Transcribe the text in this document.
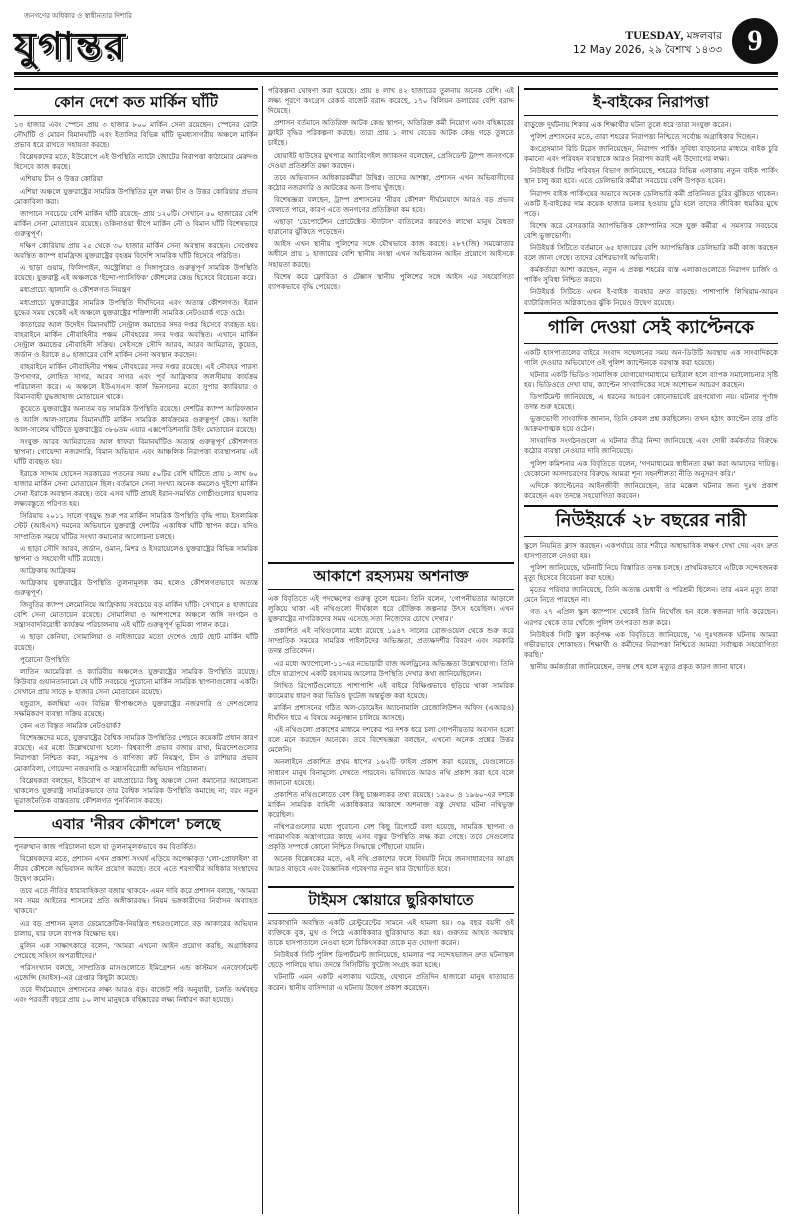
জনগণের অধিকার ও স্বাধীনতার দিশারি
যুগান্তর	TUESDAY, মঙ্গলবার
12 May 2026, ২৯ বৈশাখ ১৪৩৩ 9
কোন দেশে কত মার্কিন ঘাঁটি

১৩ হাজার এবং স্পেনে প্রায় ৩ হাজার ৮০০ মার্কিন সেনা রয়েছেন। স্পেনের রোটা নৌঘাঁটি ও মোরন বিমানঘাঁটি এবং ইতালির বিভিন্ন ঘাঁটি ভূমধ্যসাগরীয় অঞ্চলে মার্কিন প্রভাব ধরে রাখতে সহায়তা করছে।

বিশ্লেষকদের মতে, ইউরোপে এই উপস্থিতি ন্যাটো জোটের নিরাপত্তা কাঠামোর মেরুদণ্ড হিসেবে কাজ করছে।

এশিয়ায় চীন ও উত্তর কোরিয়া

এশিয়া অঞ্চলে যুক্তরাষ্ট্রের সামরিক উপস্থিতির মূল লক্ষ্য চীন ও উত্তর কোরিয়ার প্রভাব মোকাবিলা করা।

জাপানে সবচেয়ে বেশি মার্কিন ঘাঁটি রয়েছে- প্রায় ১২০টি। সেখানে ৫০ হাজারের বেশি মার্কিন সেনা মোতায়েন রয়েছে। ওকিনাওয়া দ্বীপে মার্কিন নৌ ও বিমান ঘাঁটি বিশেষভাবে গুরুত্বপূর্ণ।

দক্ষিণ কোরিয়ায় প্রায় ২৫ থেকে ৩০ হাজার মার্কিন সেনা অবস্থান করছেন। সেপ্তেম্বর অবস্থিত ক্যাম্প হামফ্রিজ যুক্তরাষ্ট্রের বৃহত্তম বিদেশি সামরিক ঘাঁটি হিসেবে পরিচিত।

এ ছাড়া গুয়াম, ফিলিপাইন, অস্ট্রেলিয়া ও সিঙ্গাপুরেও গুরুত্বপূর্ণ সামরিক উপস্থিতি রয়েছে। যুক্তরাষ্ট্র এই অঞ্চলকে 'ইন্দো-প্যাসিফিক' কৌশলের কেন্দ্র হিসেবে বিবেচনা করে।

মধ্যপ্রাচ্যে জ্বালানি ও কৌশলগত নিয়ন্ত্রণ

মধ্যপ্রাচ্যে যুক্তরাষ্ট্রের সামরিক উপস্থিতি দীর্ঘদিনের এবং অত্যন্ত কৌশলগত। ইরান যুদ্ধের সময় থেকেই এই অঞ্চলে যুক্তরাষ্ট্রের শক্তিশালী সামরিক নেটওয়ার্ক গড়ে ওঠে।

কাতারের আল উদেইদ বিমানঘাঁটি সেন্ট্রাল কমান্ডের সদর দপ্তর হিসেবে ব্যবহৃত হয়। বাহরাইনে মার্কিন নৌবাহিনীর পঞ্চম নৌবহরের সদর দপ্তর অবস্থিত। এখানে মার্কিন সেন্ট্রাল কমান্ডের নৌবাহিনী সক্রিয়। সেইসঙ্গে সৌদি আরব, আরব আমিরাত, কুয়েত, জর্ডান ও ইরাকে ৪০ হাজারের বেশি মার্কিন সেনা অবস্থান করছেন।

বাহরাইনে মার্কিন নৌবাহিনীর পঞ্চম নৌবহরের সদর দপ্তর রয়েছে। এই নৌবহর পারস্য উপসাগর, লোহিত সাগর, আরব সাগর এবং পূর্ব আফ্রিকার জলসীমায় কার্যক্রম পরিচালনা করে। এ অঞ্চলে ইউএসএস কার্ল ভিনসনের মতো সুপার ক্যারিয়ার ও বিমানবাহী যুদ্ধজাহাজ মোতায়েন থাকে।

কুয়েতে যুক্তরাষ্ট্রের অন্যতম বড় সামরিক উপস্থিতি রয়েছে। দেশটির ক্যাম্প আরিফজান ও আলি আল-সালেম বিমানঘাঁটি মার্কিন সামরিক কার্যক্রমের গুরুত্বপূর্ণ কেন্দ্র। আলি আল-সালেম ঘাঁটিতে যুক্তরাষ্ট্রের ৩৮৬তম এয়ার এক্সপেডিশনারি উইং মোতায়েন রয়েছে।

সংযুক্ত আরব আমিরাতের আল ধাফরা বিমানঘাঁটিও অত্যন্ত গুরুত্বপূর্ণ কৌশলগত স্থাপনা। গোয়েন্দা নজরদারি, বিমান অভিযান এবং আঞ্চলিক নিরাপত্তা ব্যবস্থাপনায় এই ঘাঁটি ব্যবহৃত হয়।

ইরাকে সাদ্দাম হোসেন সরকারের পতনের সময় ৫০টির বেশি ঘাঁটিতে প্রায় ১ লাখ ৬০ হাজার মার্কিন সেনা মোতায়েন ছিল। বর্তমানে সেনা সংখ্যা অনেক কমলেও দুইশো মার্কিন সেনা ইরাকে অবস্থান করছে। তবে এসব ঘাঁটি প্রায়ই ইরান-সমর্থিত গোষ্ঠীগুলোর হামলার লক্ষ্যবস্তুতে পরিণত হয়।

সিরিয়ায় ২০১১ সালে গৃহযুদ্ধ শুরু পর মার্কিন সামরিক উপস্থিতি বৃদ্ধি পায়। ইসলামিক স্টেট (আইএস) দমনের অভিযানে যুক্তরাষ্ট্র দেশটির একাধিক ঘাঁটি স্থাপন করে। যদিও সাম্প্রতিক সময়ে ঘাঁটির সংখ্যা কমানোর আলোচনা চলছে।

এ ছাড়া সৌদি আরব, জর্ডান, ওমান, মিশর ও ইসরায়েলেও যুক্তরাষ্ট্রের বিভিন্ন সামরিক স্থাপনা ও সহযোগী ঘাঁটি রয়েছে।

আফ্রিকায় আফ্রিকম

আফ্রিকায় যুক্তরাষ্ট্রের উপস্থিতি তুলনামূলক কম হলেও কৌশলগতভাবে অত্যন্ত গুরুত্বপূর্ণ।

জিবুতির ক্যাম্প লেমোনিয়ে আফ্রিকায় সবচেয়ে বড় মার্কিন ঘাঁটি। সেখানে ৪ হাজারের বেশি সেনা মোতায়েন রয়েছে। সোমালিয়া ও আশপাশের অঞ্চলে জঙ্গি সংগঠন ও সন্ত্রাসবাদবিরোধী কার্যক্রম পরিচালনায় এই ঘাঁটি গুরুত্বপূর্ণ ভূমিকা পালন করে।

এ ছাড়া কেনিয়া, সোমালিয়া ও নাইজারের মতো দেশেও ছোট ছোট মার্কিন ঘাঁটি রয়েছে।

পুরোনো উপস্থিতি

লাতিন আমেরিকা ও ক্যারিবীয় অঞ্চলেও যুক্তরাষ্ট্রের সামরিক উপস্থিতি রয়েছে। কিউবার গুয়ানতানামো বে ঘাঁটি সবচেয়ে পুরোনো মার্কিন সামরিক স্থাপনাগুলোর একটি। সেখানে প্রায় সাড়ে ৮ হাজার সেনা মোতায়েন রয়েছে।

হন্ডুরাস, কলম্বিয়া এবং বিভিন্ন দ্বীপাঞ্চলেও যুক্তরাষ্ট্রের নজরদারি ও দেশগুলোর সক্ষমিকরণ ব্যবস্থা সক্রিয় রয়েছে।

কেন এত বিস্তৃত সামরিক নেটওয়ার্ক?

বিশেষজ্ঞদের মতে, যুক্তরাষ্ট্রের বৈশ্বিক সামরিক উপস্থিতির পেছনে কয়েকটি প্রধান কারণ রয়েছে। এর মধ্যে উল্লেখযোগ্য হলো- বিশ্বব্যাপী প্রভাব বজায় রাখা, মিত্রদেশগুলোর নিরাপত্তা নিশ্চিত করা, সমুদ্রপথ ও বাণিজ্য রুট নিয়ন্ত্রণ, চীন ও রাশিয়ার প্রভাব মোকাবিলা, গোয়েন্দা নজরদারি ও সন্ত্রাসবিরোধী অভিযান পরিচালনা।

বিশ্লেষকরা বলছেন, ইউরোপ বা মধ্যপ্রাচ্যের কিছু অঞ্চলে সেনা কমানোর আলোচনা থাকলেও যুক্তরাষ্ট্র সামগ্রিকভাবে তার বৈশ্বিক সামরিক উপস্থিতি কমাচ্ছে না; বরং নতুন ভূরাজনৈতিক বাস্তবতায় কৌশলগত পুনর্বিন্যাস করছে।

এবার 'নীরব কৌশলে' চলছে

পুনরুত্থান কাজ পরিচালনা হলে যা তুলনামূলকভাবে কম বিতর্কিত।

বিশ্লেষকদের মতে, প্রশাসন এখন প্রকাশ্য সংঘর্ষ এড়িয়ে অপেক্ষাকৃত 'লো-প্রোফাইল' বা নীরব কৌশলে অভিবাসন আইন প্রয়োগ করছে। তবে এতে শরণার্থীর অধিকার সংস্থাদের উদ্বেগ কমেনি।

তবে এতে নীতির ধারাবাহিকতা বজায় থাকবে- এমন দাবি করে প্রশাসন বলছে, 'আমরা সব সময় আইনের শাসনের প্রতি অঙ্গীকারবদ্ধ। নিয়ম ভঙ্গকারীদের নির্বাসন অব্যাহত থাকবে।'

এর বড় প্রশাসন মূলত ডেমোক্রেটিক-নিয়ন্ত্রিত শহরগুলোতে বড় আকারের অভিযান চালায়, যার ফলে ব্যাপক বিক্ষোভ হয়।

মুলিন এক সাক্ষাৎকারে বলেন, 'আমরা এখনো আইন প্রয়োগ করছি, অগ্রাধিকার পেয়েছে সহিংস অপরাধীদের।'

পরিসংখ্যান বলছে, সাম্প্রতিক মাসগুলোতে ইমিগ্রেশন এন্ড কাস্টমস এনফোর্সমেন্ট এজেন্সি (আইস)-এর গ্রেপ্তার কিছুটা কমেছে।

তবে দীর্ঘমেয়াদে প্রশাসনের লক্ষ্য আরও বড়। বাজেট পরি অনুযায়ী, চলতি অর্থবছর এবং পরবর্তী বছরে প্রায় ১০ লাখ মানুষকে বহিষ্কারের লক্ষ্য নির্ধারণ করা হয়েছে।

পরিকল্পনা ঘোষণা করা হয়েছে। প্রায় ৪ লাখ ৪২ হাজারের তুলনায় অনেক বেশি। এই লক্ষ্য পূরণে কংগ্রেস রেকর্ড বাজেট বরাদ্দ করেছে, ১৭০ বিলিয়ন ডলারের বেশি বরাদ্দ দিয়েছে।

প্রশাসন বর্তমানে অতিরিক্ত আটক কেন্দ্র স্থাপন, অতিরিক্ত কর্মী নিয়োগ এবং বহিষ্কারের ফ্লাইট বৃদ্ধির পরিকল্পনা করছে। তারা প্রায় ১ লাখ বেডের আটক কেন্দ্র গড়ে তুলতে চাইছে।

হোয়াইট হাউসের মুখপাত্র অ্যাবিগেইল জ্যাকসন বলেছেন, প্রেসিডেন্ট ট্রাম্প জনগণকে দেওয়া প্রতিশ্রুতি রক্ষা করছেন।

তবে অভিবাসন অধিকারকর্মীরা উদ্বিগ্ন। তাদের আশঙ্কা, প্রশাসন এখন অভিবাসীদের কঠোর নজরদারি ও আটকের অন্য উপায় খুঁজছে।

বিশেষজ্ঞরা বলছেন, ট্রাম্প প্রশাসনের 'নীরব কৌশল' দীর্ঘমেয়াদে আরও বড় প্রভাব ফেলতে পারে, কারণ এতে জনগণের প্রতিক্রিয়া কম হবে।

এছাড়া 'ডেপোর্টেশন প্রোটেক্টেড স্ট্যাটাস' বাতিলের কারণেও লাখো মানুষ বৈধতা হারানোর ঝুঁকিতে পড়েছেন।

আইস এখন স্থানীয় পুলিশের সঙ্গে যৌথভাবে কাজ করছে। ২৮৭(জি) সমঝোতার অধীনে প্রায় ১ হাজারের বেশি স্থানীয় সংস্থা এখন অভিবাসন আইন প্রয়োগে আইসকে সহায়তা করছে।

বিশেষ করে ফ্লোরিডা ও টেক্সাস স্থানীয় পুলিশের সঙ্গে আইস এর সহযোগিতা ব্যাপকভাবে বৃদ্ধি পেয়েছে।

আকাশে রহস্যময় অশনাক্ত

এক বিবৃতিতে এই পদক্ষেপের গুরুত্ব তুলে ধরেন। তিনি বলেন, 'গোপনীয়তার আড়ালে লুকিয়ে থাকা এই নথিগুলো দীর্ঘকাল ধরে যৌক্তিক জল্পনার উৎস হয়েছিল। এখন যুক্তরাষ্ট্রের নাগরিকদের সময় এসেছে সত্য নিজেদের চোখে দেখার।'

প্রকাশিত এই নথিগুলোর মধ্যে রয়েছে ১৯৪৭ সালের রোজওয়েল থেকে শুরু করে সাম্প্রতিক সময়ের সামরিক পাইলটদের অভিজ্ঞতা, প্রত্যক্ষদর্শীর বিবরণ এবং সরকারি তদন্ত প্রতিবেদন।

এর মধ্যে অ্যাপোলো-১১-এর নভোচারী বাজ অলড্রিনের অভিজ্ঞতা উল্লেখযোগ্য। তিনি চাঁদে যাত্রাপথে একটি রহস্যময় আলোর উপস্থিতি দেখার কথা জানিয়েছিলেন।

লিখিত রিপোর্টগুলোতে পাশাপাশি এই বাইরে বিক্ষিপ্তভাবে ছড়িয়ে থাকা সামরিক ক্যামেরায় ধারণ করা ভিডিও ফুটেজ অন্তর্ভুক্ত করা হয়েছে।

মার্কিন প্রশাসনের গঠিত অল-ডোমেইন অ্যানোমালি রেজোলিউশন অফিস (এআরও) দীর্ঘদিন ধরে এ বিষয়ে অনুসন্ধান চালিয়ে আসছে।

এই নথিগুলো প্রকাশের মাধ্যমে দশকের পর দশক ধরে চলা গোপনীয়তার অবসান হলো বলে মনে করছেন অনেকে। তবে বিশেষজ্ঞরা বলছেন, এখনো অনেক প্রশ্নের উত্তর মেলেনি।

অনলাইনে প্রকাশিত প্রথম ধাপের ১৬২টি ফাইল প্রকাশ করা হয়েছে, যেগুলোতে সাধারণ মানুষ বিনামূল্যে দেখতে পারবেন। ভবিষ্যতে আরও নথি প্রকাশ করা হবে বলে জানানো হয়েছে।

প্রকাশিত নথিগুলোতে বেশ কিছু চাঞ্চল্যকর তথ্য রয়েছে। ১৯৫০ ও ১৯৬০-এর দশকে মার্কিন সামরিক বাহিনী একাধিকবার আকাশে অশনাক্ত বস্তু দেখার ঘটনা নথিভুক্ত করেছিল।

নথিপত্রগুলোর মধ্যে পুরোনো বেশ কিছু রিপোর্টে বলা হয়েছে, সামরিক স্থাপনা ও পারমাণবিক অস্ত্রাগারের কাছে এসব বস্তুর উপস্থিতি লক্ষ করা গেছে। তবে সেগুলোর প্রকৃতি সম্পর্কে কোনো নিশ্চিত সিদ্ধান্তে পৌঁছানো যায়নি।

অনেক বিশ্লেষকের মতে, এই নথি প্রকাশের ফলে বিষয়টি নিয়ে জনসাধারণের আগ্রহ আরও বাড়বে এবং বৈজ্ঞানিক গবেষণার নতুন দ্বার উন্মোচিত হবে।

টাইমস স্কোয়ারে ছুরিকাঘাতে

মারকাথানি অবস্থিত একটি রেস্টুরেন্টের সামনে এই হামলা হয়। ৩৯ বছর বয়সী ওই ব্যক্তিকে বুক, মুখ ও পিঠে একাধিকবার ছুরিকাঘাত করা হয়। গুরুতর আহত অবস্থায় তাকে হাসপাতালে নেওয়া হলে চিকিৎসকরা তাকে মৃত ঘোষণা করেন।

নিউইয়র্ক সিটি পুলিশ ডিপার্টমেন্ট জানিয়েছে, হামলার পর সন্দেহভাজন দ্রুত ঘটনাস্থল ছেড়ে পালিয়ে যায়। তদন্তে সিসিটিভি ফুটেজ সংগ্রহ করা হচ্ছে।

ঘটনাটি এমন একটি এলাকায় ঘটেছে, যেখানে প্রতিদিন হাজারো মানুষ যাতায়াত করেন। স্থানীয় বাসিন্দারা এ ঘটনায় উদ্বেগ প্রকাশ করেছেন।

ই-বাইকের নিরাপত্তা

বাড়ুক্তে দুর্ঘটনায় শিকার এক শিক্ষার্থীর ঘটনা তুলে ধরে তারা সংযুক্ত করেন।

পুলিশ প্রশাসনের মতে, তারা শহরের নিরাপত্তা নিশ্চিতে সর্বোচ্চ অগ্রাধিকার দিচ্ছেন।

কংগ্রেসম্যান রিচি টরেস জানিয়েছেন, নিরাপদ পার্কিং সুবিধা বাড়ানোর মাধ্যমে বাইক চুরি কমানো এবং পরিবহন ব্যবস্থাকে আরও নিরাপদ করাই এই উদ্যোগের লক্ষ্য।

নিউইয়র্ক সিটির পরিবহন বিভাগ জানিয়েছে, শহরের বিভিন্ন এলাকায় নতুন বাইক পার্কিং স্থান চালু করা হবে। এতে ডেলিভারি কর্মীরা সবচেয়ে বেশি উপকৃত হবেন।

নিরাপদ বাইক পার্কিংয়ের অভাবে অনেক ডেলিভারি কর্মী প্রতিনিয়ত চুরির ঝুঁকিতে থাকেন। একটি ই-বাইকের দাম কয়েক হাজার ডলার হওয়ায় চুরি হলে তাদের জীবিকা হুমকির মুখে পড়ে।

বিশেষ করে বেসরকারি অ্যাপভিত্তিক কোম্পানির সঙ্গে যুক্ত কর্মীরা এ সমস্যার সবচেয়ে বেশি ভুক্তভোগী।

নিউইয়র্ক সিটিতে বর্তমানে ৬৫ হাজারের বেশি অ্যাপভিত্তিক ডেলিভারি কর্মী কাজ করছেন বলে জানা গেছে। তাদের বেশিরভাগই অভিবাসী।

কর্মকর্তারা আশা করছেন, নতুন এ প্রকল্প শহরের ব্যস্ত এলাকাগুলোতে নিরাপদ চার্জিং ও পার্কিং সুবিধা নিশ্চিত করবে।

নিউইয়র্ক সিটিতে এখন ই-বাইক ব্যবহার দ্রুত বাড়ছে। পাশাপাশি লিথিয়াম-আয়ন ব্যাটারিজনিত অগ্নিকাণ্ডের ঝুঁকি নিয়েও উদ্বেগ রয়েছে।

গালি দেওয়া সেই ক্যাপ্টেনকে

একটি হাসপাতালের বাইরে সংবাদ সম্মেলনের সময় অন-ডিউটি অবস্থায় এক সাংবাদিককে গালি দেওয়ার অভিযোগে ওই পুলিশ ক্যাপ্টেনকে বরখাস্ত করা হয়েছে।

ঘটনার একটি ভিডিও সামাজিক যোগাযোগমাধ্যমে ভাইরাল হলে ব্যাপক সমালোচনার সৃষ্টি হয়। ভিডিওতে দেখা যায়, ক্যাপ্টেন সাংবাদিকের সঙ্গে অশোভন আচরণ করছেন।

ডিপার্টমেন্ট জানিয়েছে, এ ধরনের আচরণ কোনোভাবেই গ্রহণযোগ্য নয়। ঘটনার পূর্ণাঙ্গ তদন্ত শুরু হয়েছে।

ভুক্তভোগী সাংবাদিক জানান, তিনি কেবল প্রশ্ন করছিলেন। তখন হঠাৎ ক্যাপ্টেন তার প্রতি আক্রমণাত্মক হয়ে ওঠেন।

সাংবাদিক সংগঠনগুলো এ ঘটনার তীব্র নিন্দা জানিয়েছে এবং দোষী কর্মকর্তার বিরুদ্ধে কঠোর ব্যবস্থা নেওয়ার দাবি জানিয়েছে।

পুলিশ কমিশনার এক বিবৃতিতে বলেন, 'গণমাধ্যমের স্বাধীনতা রক্ষা করা আমাদের দায়িত্ব। যেকোনো অসদাচরণের বিরুদ্ধে আমরা শূন্য সহনশীলতা নীতি অনুসরণ করি।'

এদিকে ক্যাপ্টেনের আইনজীবী জানিয়েছেন, তার মক্কেল ঘটনার জন্য দুঃখ প্রকাশ করেছেন এবং তদন্তে সহযোগিতা করবেন।

নিউইয়র্কে ২৮ বছরের নারী

স্কুলে নিয়মিত ক্লাস করছেন। একপর্যায়ে তার শরীরে অস্বাভাবিক লক্ষণ দেখা দেয় এবং দ্রুত হাসপাতালে নেওয়া হয়।

পুলিশ জানিয়েছে, ঘটনাটি নিয়ে বিস্তারিত তদন্ত চলছে। প্রাথমিকভাবে এটিকে সন্দেহজনক মৃত্যু হিসেবে বিবেচনা করা হচ্ছে।

মৃতের পরিবার জানিয়েছে, তিনি অত্যন্ত মেধাবী ও পরিশ্রমী ছিলেন। তার এমন মৃত্যু তারা মেনে নিতে পারছেন না।

গত ২৭ এপ্রিল স্কুল ক্যাম্পাস থেকেই তিনি নিখোঁজ হন বলে স্বজনরা দাবি করেছেন। এরপর থেকে তার খোঁজে পুলিশ তৎপরতা শুরু করে।

নিউইয়র্ক সিটি স্কুল কর্তৃপক্ষ এক বিবৃতিতে জানিয়েছে, 'এ দুঃখজনক ঘটনায় আমরা গভীরভাবে শোকাহত। শিক্ষার্থী ও কর্মীদের নিরাপত্তা নিশ্চিতে আমরা সর্বাত্মক সহযোগিতা করছি।'

স্থানীয় কর্মকর্তারা জানিয়েছেন, তদন্ত শেষ হলে মৃত্যুর প্রকৃত কারণ জানা যাবে।
